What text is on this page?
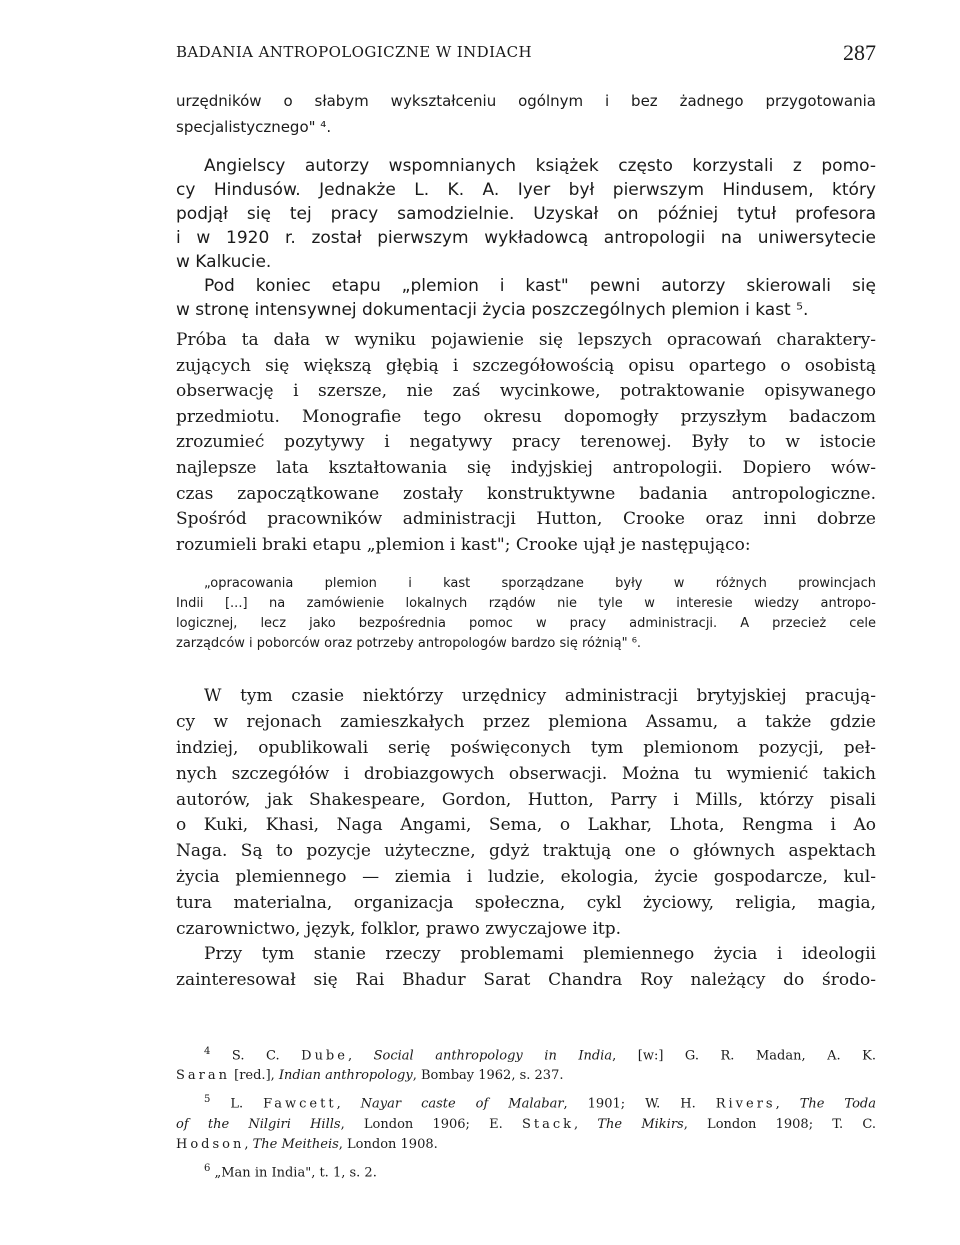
BADANIA ANTROPOLOGICZNE W INDIACH	287
urzędników o słabym wykształceniu ogólnym i bez żadnego przygotowania
specjalistycznego" ⁴.
Angielscy autorzy wspomnianych książek często korzystali z pomo-
cy Hindusów. Jednakże L. K. A. Iyer był pierwszym Hindusem, który
podjął się tej pracy samodzielnie. Uzyskał on później tytuł profesora
i w 1920 r. został pierwszym wykładowcą antropologii na uniwersytecie
w Kalkucie.
Pod koniec etapu „plemion i kast" pewni autorzy skierowali się
w stronę intensywnej dokumentacji życia poszczególnych plemion i kast ⁵.
Próba ta dała w wyniku pojawienie się lepszych opracowań charaktery-
zujących się większą głębią i szczegółowością opisu opartego o osobistą
obserwację i szersze, nie zaś wycinkowe, potraktowanie opisywanego
przedmiotu. Monografie tego okresu dopomogły przyszłym badaczom
zrozumieć pozytywy i negatywy pracy terenowej. Były to w istocie
najlepsze lata kształtowania się indyjskiej antropologii. Dopiero wów-
czas zapoczątkowane zostały konstruktywne badania antropologiczne.
Spośród pracowników administracji Hutton, Crooke oraz inni dobrze
rozumieli braki etapu „plemion i kast"; Crooke ujął je następująco:
„opracowania plemion i kast sporządzane były w różnych prowincjach
Indii [...] na zamówienie lokalnych rządów nie tyle w interesie wiedzy antropo-
logicznej, lecz jako bezpośrednia pomoc w pracy administracji. A przecież cele
zarządców i poborców oraz potrzeby antropologów bardzo się różnią" ⁶.
W tym czasie niektórzy urzędnicy administracji brytyjskiej pracują-
cy w rejonach zamieszkałych przez plemiona Assamu, a także gdzie
indziej, opublikowali serię poświęconych tym plemionom pozycji, peł-
nych szczegółów i drobiazgowych obserwacji. Można tu wymienić takich
autorów, jak Shakespeare, Gordon, Hutton, Parry i Mills, którzy pisali
o Kuki, Khasi, Naga Angami, Sema, o Lakhar, Lhota, Rengma i Ao
Naga. Są to pozycje użyteczne, gdyż traktują one o głównych aspektach
życia plemiennego — ziemia i ludzie, ekologia, życie gospodarcze, kul-
tura materialna, organizacja społeczna, cykl życiowy, religia, magia,
czarownictwo, język, folklor, prawo zwyczajowe itp.
Przy tym stanie rzeczy problemami plemiennego życia i ideologii
zainteresował się Rai Bhadur Sarat Chandra Roy należący do środo-
$^4$ S. C. Dube, Social anthropology in India, [w:] G. R. Madan, A. K.
Saran [red.], Indian anthropology, Bombay 1962, s. 237.
$^5$ L. Fawcett, Nayar caste of Malabar, 1901; W. H. Rivers, The Toda
of the Nilgiri Hills, London 1906; E. Stack, The Mikirs, London 1908; T. C.
Hodson, The Meitheis, London 1908.
$^6$ „Man in India", t. 1, s. 2.
